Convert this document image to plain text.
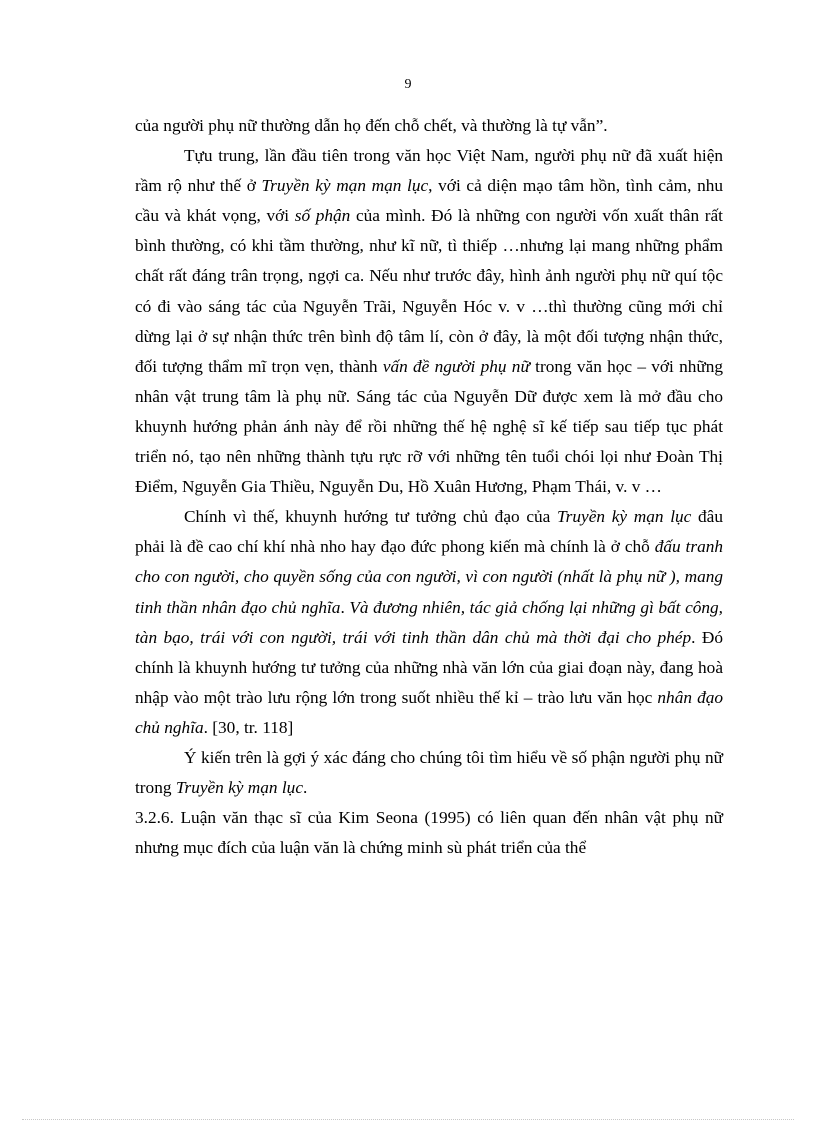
9

của người phụ nữ thường dẫn họ đến chỗ chết, và thường là tự vẫn”.

Tựu trung, lần đầu tiên trong văn học Việt Nam, người phụ nữ đã xuất hiện rầm rộ như thế ở Truyền kỳ mạn mạn lục, với cả diện mạo tâm hồn, tình cảm, nhu cầu và khát vọng, với số phận của mình. Đó là những con người vốn xuất thân rất bình thường, có khi tầm thường, như kĩ nữ, tì thiếp …nhưng lại mang những phẩm chất rất đáng trân trọng, ngợi ca. Nếu như trước đây, hình ảnh người phụ nữ quí tộc có đi vào sáng tác của Nguyễn Trãi, Nguyễn Hóc v. v …thì thường cũng mới chỉ dừng lại ở sự nhận thức trên bình độ tâm lí, còn ở đây, là một đối tượng nhận thức, đối tượng thẩm mĩ trọn vẹn, thành vấn đề người phụ nữ trong văn học – với những nhân vật trung tâm là phụ nữ. Sáng tác của Nguyễn Dữ được xem là mở đầu cho khuynh hướng phản ánh này để rồi những thế hệ nghệ sĩ kế tiếp sau tiếp tục phát triển nó, tạo nên những thành tựu rực rỡ với những tên tuổi chói lọi như Đoàn Thị Điểm, Nguyễn Gia Thiều, Nguyễn Du, Hồ Xuân Hương, Phạm Thái, v. v …

Chính vì thế, khuynh hướng tư tưởng chủ đạo của Truyền kỳ mạn lục đâu phải là đề cao chí khí nhà nho hay đạo đức phong kiến mà chính là ở chỗ đấu tranh cho con người, cho quyền sống của con người, vì con người (nhất là phụ nữ ), mang tinh thần nhân đạo chủ nghĩa. Và đương nhiên, tác giả chống lại những gì bất công, tàn bạo, trái với con người, trái với tinh thần dân chủ mà thời đại cho phép. Đó chính là khuynh hướng tư tưởng của những nhà văn lớn của giai đoạn này, đang hoà nhập vào một trào lưu rộng lớn trong suốt nhiều thế kỉ – trào lưu văn học nhân đạo chủ nghĩa. [30, tr. 118]

Ý kiến trên là gợi ý xác đáng cho chúng tôi tìm hiểu về số phận người phụ nữ trong Truyền kỳ mạn lục.

3.2.6. Luận văn thạc sĩ của Kim Seona (1995) có liên quan đến nhân vật phụ nữ nhưng mục đích của luận văn là chứng minh sù phát triển của thể
